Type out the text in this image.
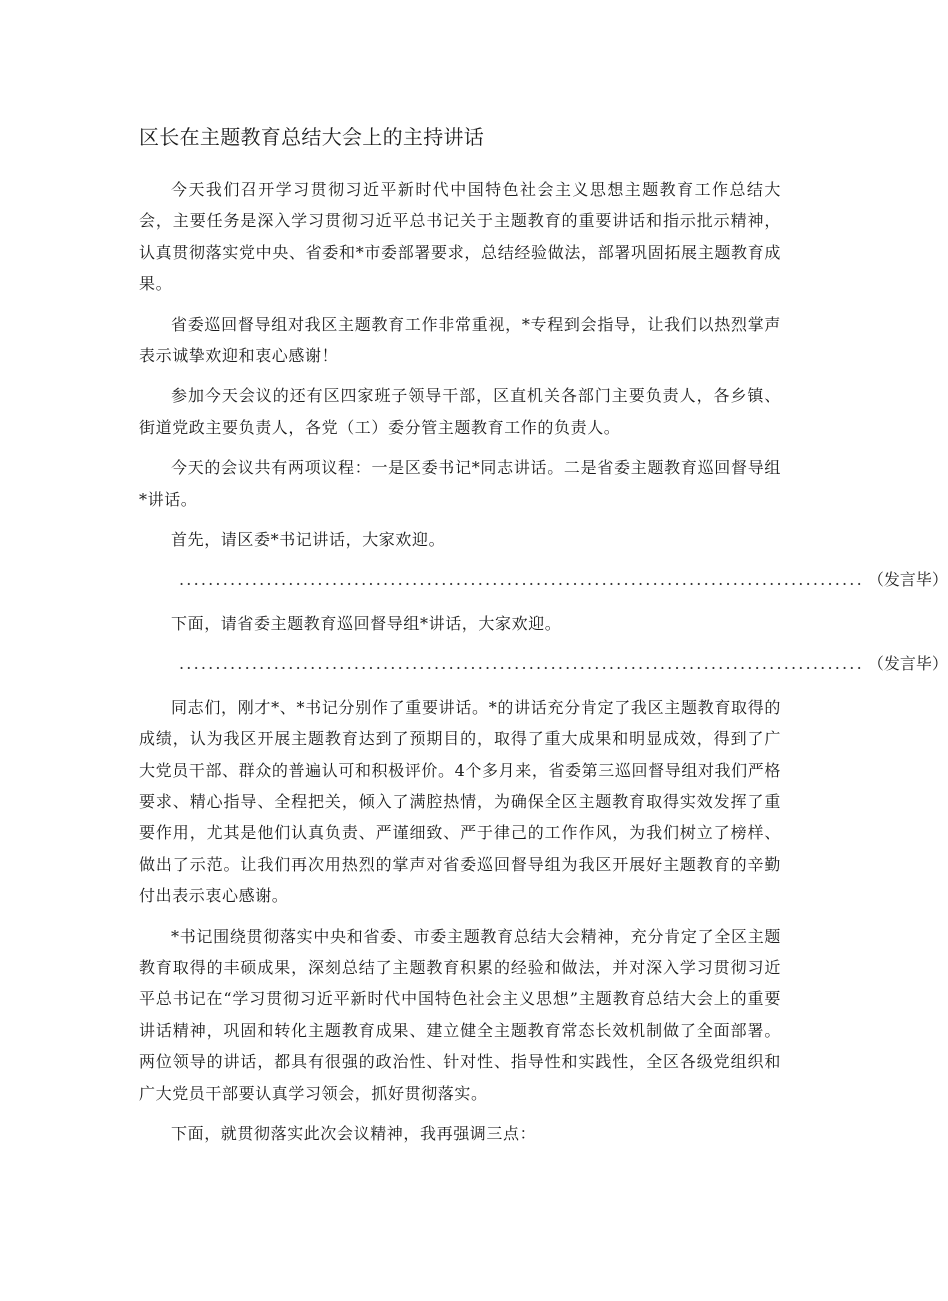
区长在主题教育总结大会上的主持讲话

今天我们召开学习贯彻习近平新时代中国特色社会主义思想主题教育工作总结大会，主要任务是深入学习贯彻习近平总书记关于主题教育的重要讲话和指示批示精神，认真贯彻落实党中央、省委和*市委部署要求，总结经验做法，部署巩固拓展主题教育成果。

省委巡回督导组对我区主题教育工作非常重视，*专程到会指导，让我们以热烈掌声表示诚挚欢迎和衷心感谢！

参加今天会议的还有区四家班子领导干部，区直机关各部门主要负责人，各乡镇、街道党政主要负责人，各党（工）委分管主题教育工作的负责人。

今天的会议共有两项议程：一是区委书记*同志讲话。二是省委主题教育巡回督导组*讲话。

首先，请区委*书记讲话，大家欢迎。

.............................................................................................. （发言毕）

下面，请省委主题教育巡回督导组*讲话，大家欢迎。

.............................................................................................. （发言毕）

同志们，刚才*、*书记分别作了重要讲话。*的讲话充分肯定了我区主题教育取得的成绩，认为我区开展主题教育达到了预期目的，取得了重大成果和明显成效，得到了广大党员干部、群众的普遍认可和积极评价。4个多月来，省委第三巡回督导组对我们严格要求、精心指导、全程把关，倾入了满腔热情，为确保全区主题教育取得实效发挥了重要作用，尤其是他们认真负责、严谨细致、严于律己的工作作风，为我们树立了榜样、做出了示范。让我们再次用热烈的掌声对省委巡回督导组为我区开展好主题教育的辛勤付出表示衷心感谢。

*书记围绕贯彻落实中央和省委、市委主题教育总结大会精神，充分肯定了全区主题教育取得的丰硕成果，深刻总结了主题教育积累的经验和做法，并对深入学习贯彻习近平总书记在“学习贯彻习近平新时代中国特色社会主义思想”主题教育总结大会上的重要讲话精神，巩固和转化主题教育成果、建立健全主题教育常态长效机制做了全面部署。两位领导的讲话，都具有很强的政治性、针对性、指导性和实践性，全区各级党组织和广大党员干部要认真学习领会，抓好贯彻落实。

下面，就贯彻落实此次会议精神，我再强调三点：
